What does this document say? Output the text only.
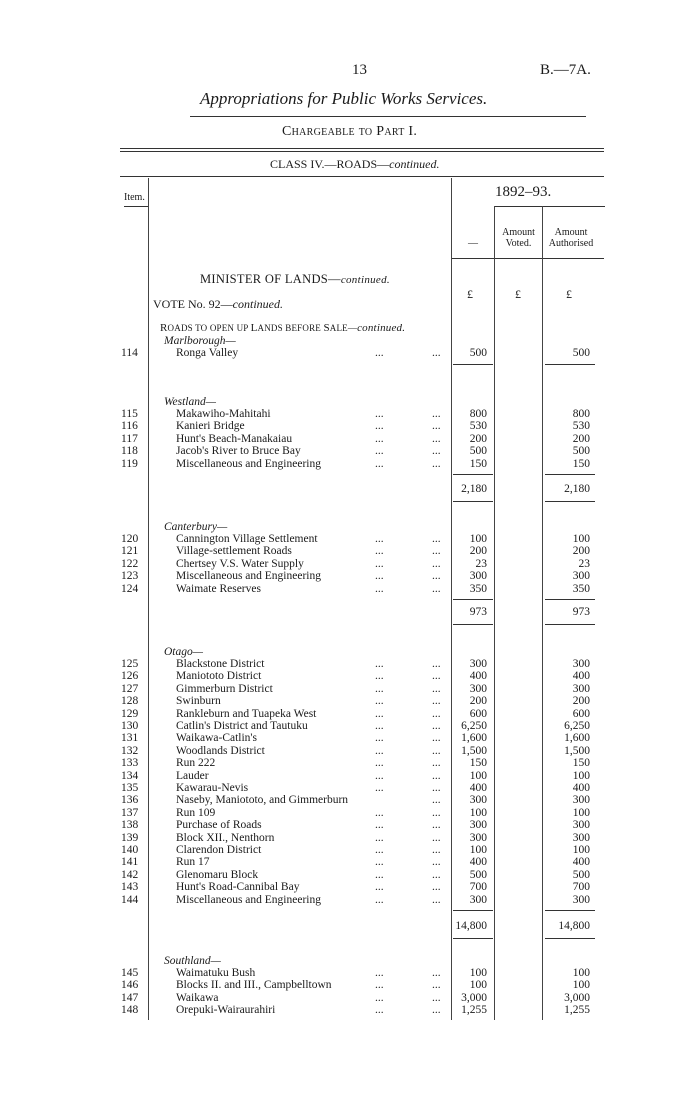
13	B.—7A.
Appropriations for Public Works Services.
Chargeable to Part I.
CLASS IV.—ROADS—continued.
Item.	1892–93.
—
Amount
Voted.
Amount
Authorised
MINISTER OF LANDS—continued.
VOTE No. 92—continued.
£	£	£
ROADS TO OPEN UP LANDS BEFORE SALE—continued.
Marlborough—
114	Ronga Valley	...	...	500	500
Westland—
115	Makawiho-Mahitahi	...	...	800	800
116	Kanieri Bridge	...	...	530	530
117	Hunt's Beach-Manakaiau	...	...	200	200
118	Jacob's River to Bruce Bay	...	...	500	500
119	Miscellaneous and Engineering	...	...	150	150
2,180	2,180
Canterbury—
120	Cannington Village Settlement	...	...	100	100
121	Village-settlement Roads	...	...	200	200
122	Chertsey V.S. Water Supply	...	...	23	23
123	Miscellaneous and Engineering	...	...	300	300
124	Waimate Reserves	...	...	350	350
973	973
Otago—
125	Blackstone District	...	...	300	300
126	Maniototo District	...	...	400	400
127	Gimmerburn District	...	...	300	300
128	Swinburn	...	...	200	200
129	Rankleburn and Tuapeka West	...	...	600	600
130	Catlin's District and Tautuku	...	... 6,250	6,250
131	Waikawa-Catlin's	...	... 1,600	1,600
132	Woodlands District	...	... 1,500	1,500
133	Run 222	...	...	150	150
134	Lauder	...	...	100	100
135	Kawarau-Nevis	...	...	400	400
136	Naseby, Maniototo, and Gimmerburn	...	300	300
137	Run 109	...	...	100	100
138	Purchase of Roads	...	...	300	300
139	Block XII., Nenthorn	...	...	300	300
140	Clarendon District	...	...	100	100
141	Run 17	...	...	400	400
142	Glenomaru Block	...	...	500	500
143	Hunt's Road-Cannibal Bay	...	...	700	700
144	Miscellaneous and Engineering	...	...	300	300
14,800	14,800
Southland—
145	Waimatuku Bush	...	...	100	100
146	Blocks II. and III., Campbelltown	...	...	100	100
147	Waikawa	...	... 3,000	3,000
148	Orepuki-Wairaurahiri	...	... 1,255	1,255
